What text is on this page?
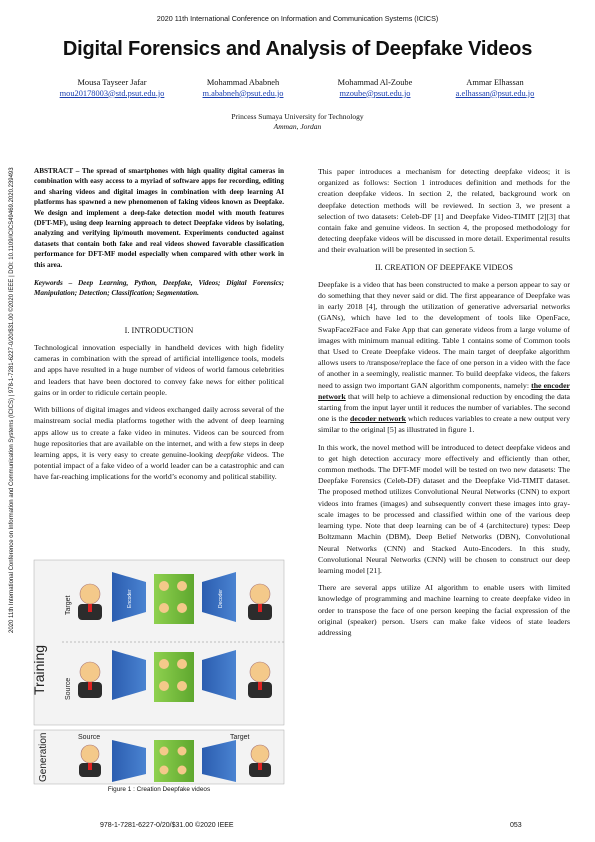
2020 11th International Conference on Information and Communication Systems (ICICS)
Digital Forensics and Analysis of Deepfake Videos
Mousa Tayseer Jafar
mou20178003@std.psut.edu.jo
Mohammad Ababneh
m.ababneh@psut.edu.jo
Mohammad Al-Zoube
mzoube@psut.edu.jo
Ammar Elhassan
a.elhassan@psut.edu.jo
Princess Sumaya University for Technology
Amman, Jordan
2020 11th International Conference on Information and Communication Systems (ICICS) | 978-1-7281-6227-0/20/$31.00 ©2020 IEEE | DOI: 10.1109/ICICS49469.2020.239493	ABSTRACT – The spread of smartphones with high quality digital cameras in combination with easy access to a myriad of software apps for recording, editing and sharing videos and digital images in combination with deep learning AI platforms has spawned a new phenomenon of faking videos known as Deepfake. We design and implement a deep-fake detection model with mouth features (DFT-MF), using deep learning approach to detect Deepfake videos by isolating, analyzing and verifying lip/mouth movement. Experiments conducted against datasets that contain both fake and real videos showed favorable classification performance for DFT-MF model especially when compared with other work in this area.
Keywords – Deep Learning, Python, Deepfake, Videos; Digital Forensics; Manipulation; Detection; Classification; Segmentation.
I. INTRODUCTION

Technological innovation especially in handheld devices with high fidelity cameras in combination with the spread of artificial intelligence tools, models and apps have resulted in a huge number of videos of world famous celebrities and leaders that have been doctored to convey fake news for either political gains or in order to ridicule certain people.

With billions of digital images and videos exchanged daily across several of the mainstream social media platforms together with the advent of deep learning apps allow us to create a fake video in minutes. Videos can be sourced from huge repositories that are available on the internet, and with a few steps in deep learning apps, it is very easy to create genuine-looking deepfake videos. The potential impact of a fake video of a world leader can be a catastrophic and can have far-reaching implications for the world’s economy and political stability.

Training
Target
Source
Encoder	Decoder
Generation	Source	Target
Figure 1 : Creation Deepfake videos

This paper introduces a mechanism for detecting deepfake videos; it is organized as follows: Section 1 introduces definition and methods for the creation deepfake videos. In section 2, the related, background work on deepfake detection methods will be reviewed. In section 3, we present a selection of two datasets: Celeb-DF [1] and Deepfake Video-TIMIT [2][3] that contain fake and genuine videos. In section 4, the proposed methodology for detecting deepfake videos will be discussed in more detail. Experimental results and their evaluation will be presented in section 5.

II. CREATION OF DEEPFAKE VIDEOS

Deepfake is a video that has been constructed to make a person appear to say or do something that they never said or did. The first appearance of Deepfake was in early 2018 [4], through the utilization of generative adversarial networks (GANs), which have led to the development of tools like OpenFace, SwapFace2Face and Fake App that can generate videos from a large volume of images with minimum manual editing. Table 1 contains some of Common tools that Used to Create Deepfake videos. The main target of deepfake algorithm allows users to /transpose/replace the face of one person in a video with the face of another in a seemingly, realistic manner. To build deepfake videos, the fakers need to assign two important GAN algorithm components, namely: the encoder network that will help to achieve a dimensional reduction by encoding the data starting from the input layer until it reduces the number of variables. The second one is the decoder network which reduces variables to create a new output very similar to the original [5] as illustrated in figure 1.

In this work, the novel method will be introduced to detect deepfake videos and to get high detection accuracy more effectively and efficiently than other, common methods. The DFT-MF model will be tested on two new datasets: The Deepfake Forensics (Celeb-DF) dataset and the Deepfake Vid-TIMIT dataset. The proposed method utilizes Convolutional Neural Networks (CNN) to export videos into frames (images) and subsequently convert these images into gray-scale images to be processed and classified within one of the various deep learning type. Note that deep learning can be of 4 (architecture) types: Deep Boltzmann Machin (DBM), Deep Belief Networks (DBN), Convolutional Neural Networks (CNN) and Stacked Auto-Encoders. In this study, Convolutional Neural Networks (CNN) will be chosen to construct our deep learning model [21].

There are several apps utilize AI algorithm to enable users with limited knowledge of programming and machine learning to create deepfake video in order to transpose the face of one person keeping the facial expression of the original (speaker) person. Users can make fake videos of state leaders addressing

978-1-7281-6227-0/20/$31.00 ©2020 IEEE	053
